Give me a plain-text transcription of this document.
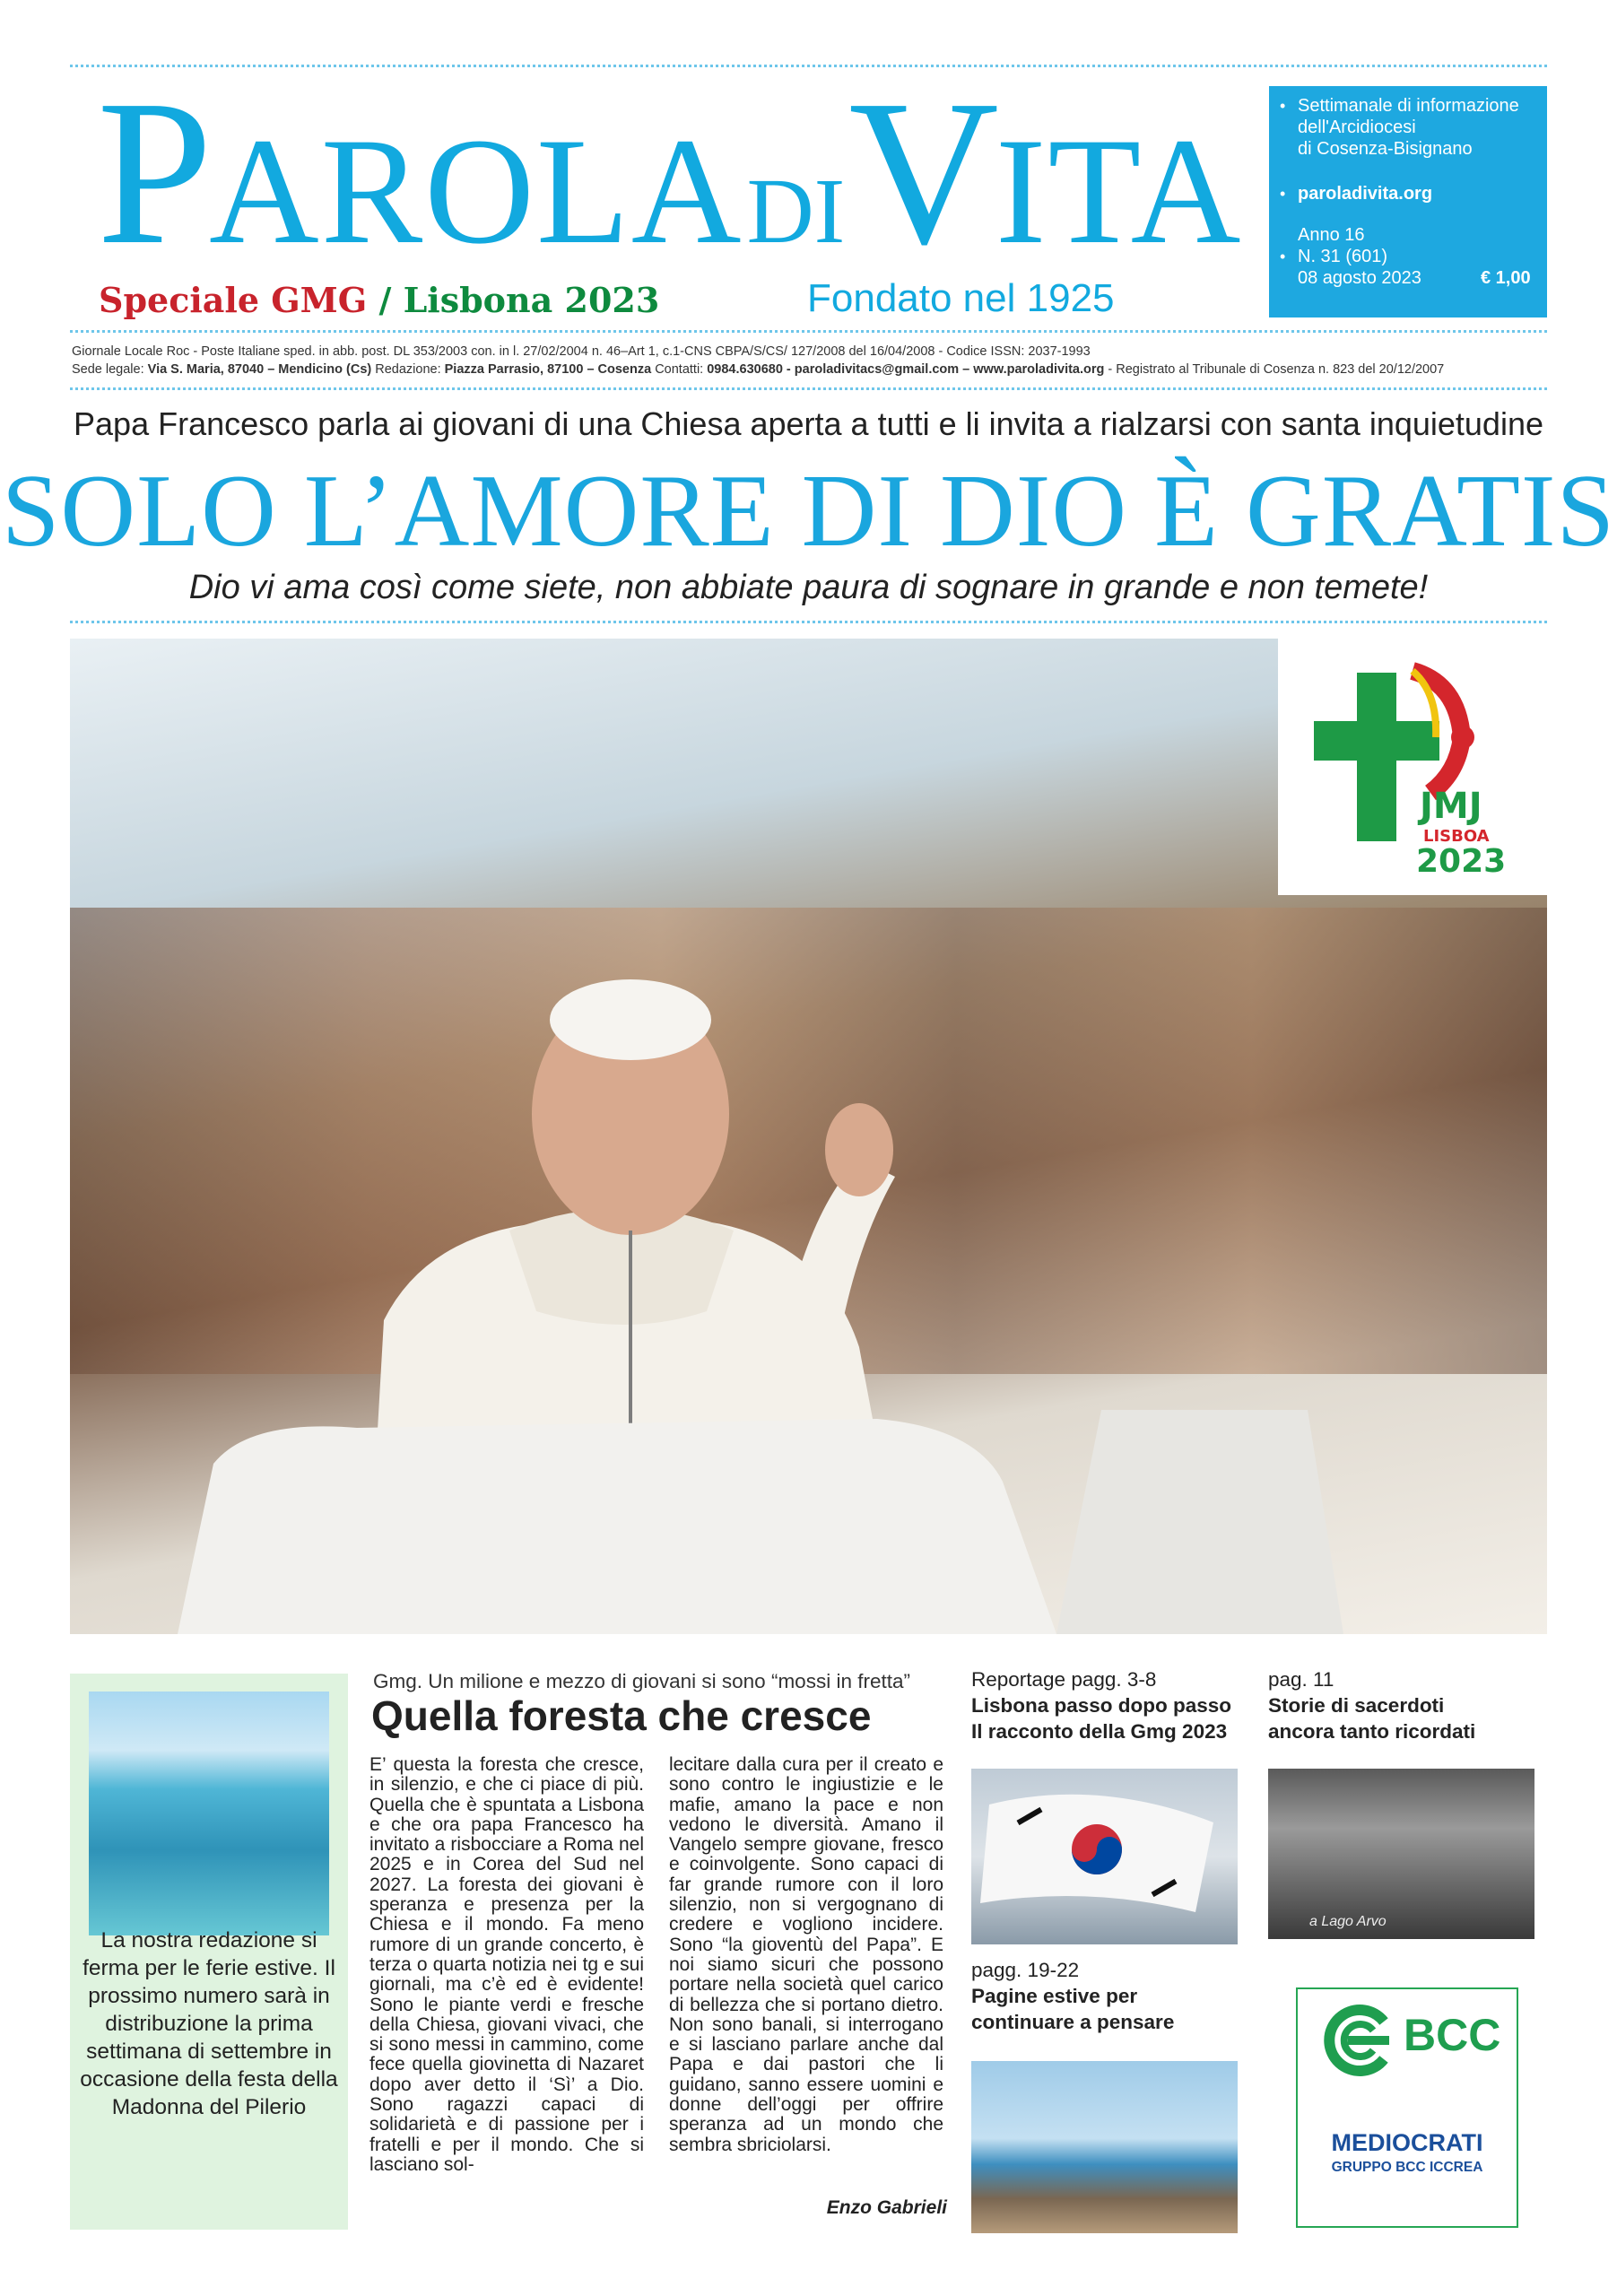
PAROLA DI VITA
Speciale GMG / Lisbona 2023	Fondato nel 1925
• Settimanale di informazione
dell'Arcidiocesi
di Cosenza-Bisignano
• paroladivita.org
•
Anno 16
N. 31 (601)
08 agosto 2023	€ 1,00
Giornale Locale Roc - Poste Italiane sped. in abb. post. DL 353/2003 con. in l. 27/02/2004 n. 46–Art 1, c.1-CNS CBPA/S/CS/ 127/2008 del 16/04/2008 - Codice ISSN: 2037-1993
Sede legale: Via S. Maria, 87040 – Mendicino (Cs) Redazione: Piazza Parrasio, 87100 – Cosenza Contatti: 0984.630680 - paroladivitacs@gmail.com – www.paroladivita.org - Registrato al Tribunale di Cosenza n. 823 del 20/12/2007
Papa Francesco parla ai giovani di una Chiesa aperta a tutti e li invita a rialzarsi con santa inquietudine
SOLO L’AMORE DI DIO È GRATIS
Dio vi ama così come siete, non abbiate paura di sognare in grande e non temete!
JMJ
LISBOA
2023
La nostra redazione si ferma per le ferie estive. Il prossimo numero sarà in distribuzione la prima settimana di settembre in occasione della festa della Madonna del Pilerio
Gmg. Un milione e mezzo di giovani si sono “mossi in fretta”
Quella foresta che cresce
E’ questa la foresta che cresce, in silenzio, e che ci piace di più. Quella che è spuntata a Lisbona e che ora papa Francesco ha invitato a risbocciare a Roma nel 2025 e in Corea del Sud nel 2027. La foresta dei giovani è speranza e presenza per la Chiesa e il mondo. Fa meno rumore di un grande concerto, è terza o quarta notizia nei tg e sui giornali, ma c’è ed è evidente! Sono le piante verdi e fresche della Chiesa, giovani vivaci, che si sono messi in cammino, come fece quella giovinetta di Nazaret dopo aver detto il ‘Sì’ a Dio. Sono ragazzi capaci di solidarietà e di passione per i fratelli e per il mondo. Che si lasciano sol-
lecitare dalla cura per il creato e sono contro le ingiustizie e le mafie, amano la pace e non vedono le diversità. Amano il Vangelo sempre giovane, fresco e coinvolgente. Sono capaci di far grande rumore con il loro silenzio, non si vergognano di credere e vogliono incidere. Sono “la gioventù del Papa”. E noi siamo sicuri che possono portare nella società quel carico di bellezza che si portano dietro. Non sono banali, si interrogano e si lasciano parlare anche dal Papa e dai pastori che li guidano, sanno essere uomini e donne dell’oggi per offrire speranza ad un mondo che sembra sbriciolarsi.
Enzo Gabrieli
Reportage pagg. 3-8
Lisbona passo dopo passo
Il racconto della Gmg 2023
pagg. 19-22
Pagine estive per
continuare a pensare
pag. 11
Storie di sacerdoti
ancora tanto ricordati
a Lago Arvo
BCC
MEDIOCRATI
GRUPPO BCC ICCREA
